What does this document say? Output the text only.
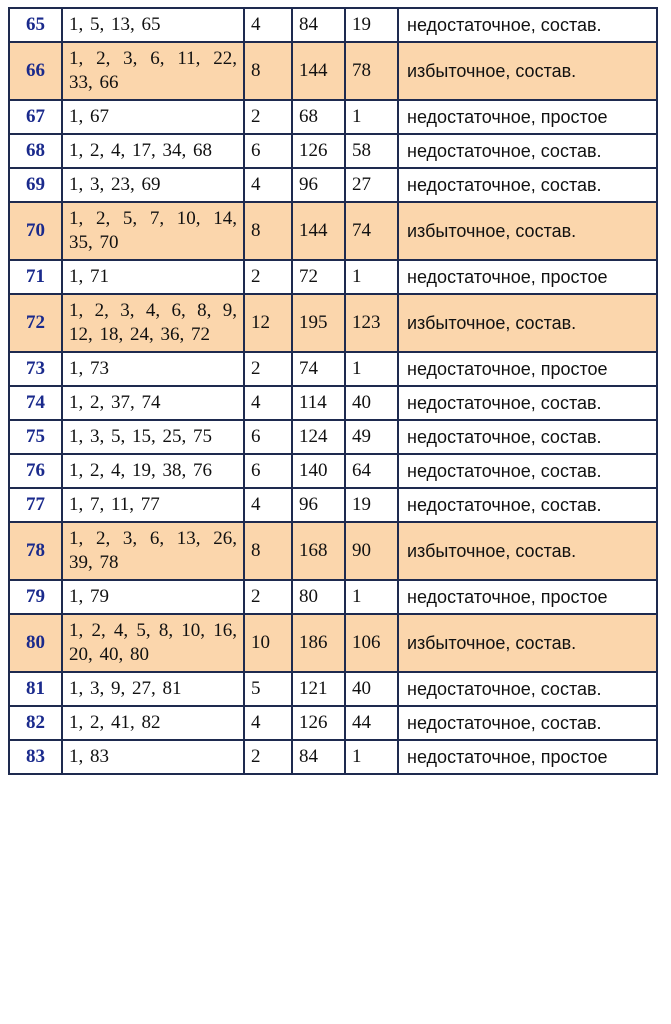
65	1, 5, 13, 65	4	84	19	недостаточное, состав.
66	1, 2, 3, 6, 11, 22, 33, 66	8	144	78	избыточное, состав.
67	1, 67	2	68	1	недостаточное, простое
68	1, 2, 4, 17, 34, 68	6	126	58	недостаточное, состав.
69	1, 3, 23, 69	4	96	27	недостаточное, состав.
70	1, 2, 5, 7, 10, 14, 35, 70	8	144	74	избыточное, состав.
71	1, 71	2	72	1	недостаточное, простое
72	1, 2, 3, 4, 6, 8, 9, 12, 18, 24, 36, 72	12	195	123	избыточное, состав.
73	1, 73	2	74	1	недостаточное, простое
74	1, 2, 37, 74	4	114	40	недостаточное, состав.
75	1, 3, 5, 15, 25, 75	6	124	49	недостаточное, состав.
76	1, 2, 4, 19, 38, 76	6	140	64	недостаточное, состав.
77	1, 7, 11, 77	4	96	19	недостаточное, состав.
78	1, 2, 3, 6, 13, 26, 39, 78	8	168	90	избыточное, состав.
79	1, 79	2	80	1	недостаточное, простое
80	1, 2, 4, 5, 8, 10, 16, 20, 40, 80	10	186	106	избыточное, состав.
81	1, 3, 9, 27, 81	5	121	40	недостаточное, состав.
82	1, 2, 41, 82	4	126	44	недостаточное, состав.
83	1, 83	2	84	1	недостаточное, простое
